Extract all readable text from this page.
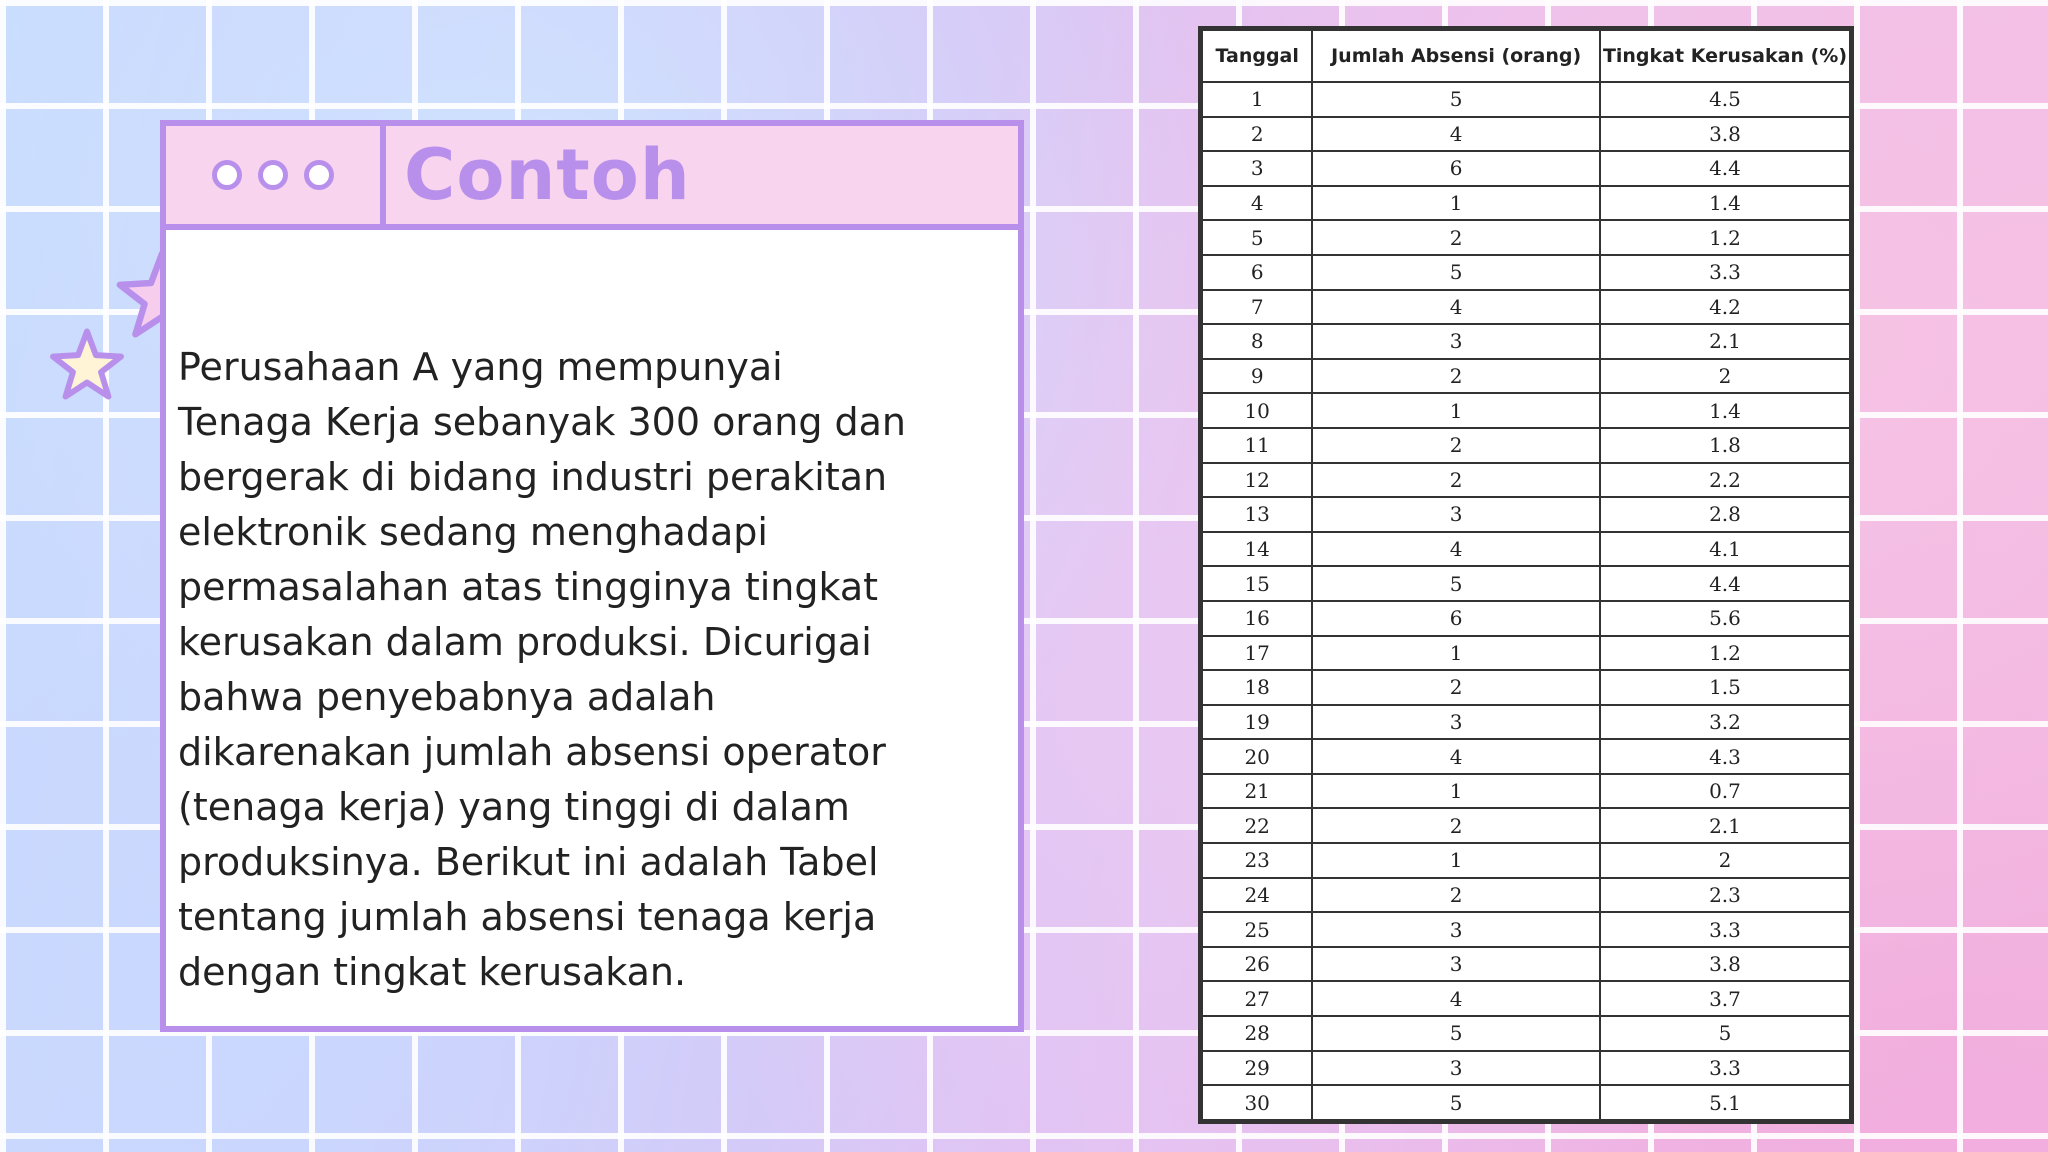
Contoh
Perusahaan A yang mempunyai
Tenaga Kerja sebanyak 300 orang dan
bergerak di bidang industri perakitan
elektronik sedang menghadapi
permasalahan atas tingginya tingkat
kerusakan dalam produksi. Dicurigai
bahwa penyebabnya adalah
dikarenakan jumlah absensi operator
(tenaga kerja) yang tinggi di dalam
produksinya. Berikut ini adalah Tabel
tentang jumlah absensi tenaga kerja
dengan tingkat kerusakan.
Tanggal	Jumlah Absensi (orang)	Tingkat Kerusakan (%)
1	5	4.5
2	4	3.8
3	6	4.4
4	1	1.4
5	2	1.2
6	5	3.3
7	4	4.2
8	3	2.1
9	2	2
10	1	1.4
11	2	1.8
12	2	2.2
13	3	2.8
14	4	4.1
15	5	4.4
16	6	5.6
17	1	1.2
18	2	1.5
19	3	3.2
20	4	4.3
21	1	0.7
22	2	2.1
23	1	2
24	2	2.3
25	3	3.3
26	3	3.8
27	4	3.7
28	5	5
29	3	3.3
30	5	5.1
